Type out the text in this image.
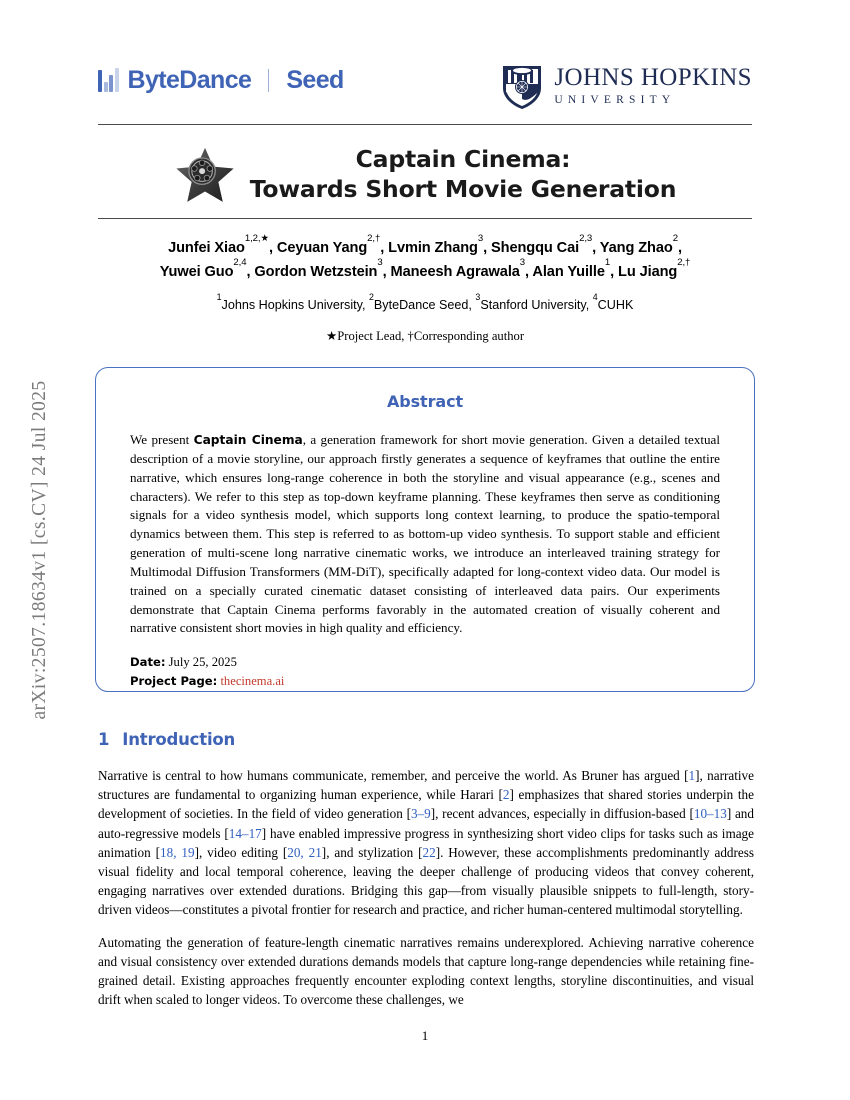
arXiv:2507.18634v1 [cs.CV] 24 Jul 2025
ByteDance Seed	JOHNS HOPKINS
UNIVERSITY
Captain Cinema:
Towards Short Movie Generation
Junfei Xiao$^{1,2,★}$, Ceyuan Yang$^{2,\dagger}$, Lvmin Zhang$^3$, Shengqu Cai$^{2,3}$, Yang Zhao$^2$,
Yuwei Guo$^{2,4}$, Gordon Wetzstein$^3$, Maneesh Agrawala$^3$, Alan Yuille$^1$, Lu Jiang$^{2,\dagger}$
$^1$Johns Hopkins University, $^2$ByteDance Seed, $^3$Stanford University, $^4$CUHK
★Project Lead, †Corresponding author
Abstract
We present Captain Cinema, a generation framework for short movie generation. Given a detailed textual description of a movie storyline, our approach firstly generates a sequence of keyframes that outline the entire narrative, which ensures long-range coherence in both the storyline and visual appearance (e.g., scenes and characters). We refer to this step as top-down keyframe planning. These keyframes then serve as conditioning signals for a video synthesis model, which supports long context learning, to produce the spatio-temporal dynamics between them. This step is referred to as bottom-up video synthesis. To support stable and efficient generation of multi-scene long narrative cinematic works, we introduce an interleaved training strategy for Multimodal Diffusion Transformers (MM-DiT), specifically adapted for long-context video data. Our model is trained on a specially curated cinematic dataset consisting of interleaved data pairs. Our experiments demonstrate that Captain Cinema performs favorably in the automated creation of visually coherent and narrative consistent short movies in high quality and efficiency.
Date: July 25, 2025
Project Page: thecinema.ai
1 Introduction

Narrative is central to how humans communicate, remember, and perceive the world. As Bruner has argued [1], narrative structures are fundamental to organizing human experience, while Harari [2] emphasizes that shared stories underpin the development of societies. In the field of video generation [3–9], recent advances, especially in diffusion-based [10–13] and auto-regressive models [14–17] have enabled impressive progress in synthesizing short video clips for tasks such as image animation [18, 19], video editing [20, 21], and stylization [22]. However, these accomplishments predominantly address visual fidelity and local temporal coherence, leaving the deeper challenge of producing videos that convey coherent, engaging narratives over extended durations. Bridging this gap—from visually plausible snippets to full-length, story-driven videos—constitutes a pivotal frontier for research and practice, and richer human-centered multimodal storytelling.

Automating the generation of feature-length cinematic narratives remains underexplored. Achieving narrative coherence and visual consistency over extended durations demands models that capture long-range dependencies while retaining fine-grained detail. Existing approaches frequently encounter exploding context lengths, storyline discontinuities, and visual drift when scaled to longer videos. To overcome these challenges, we

1
